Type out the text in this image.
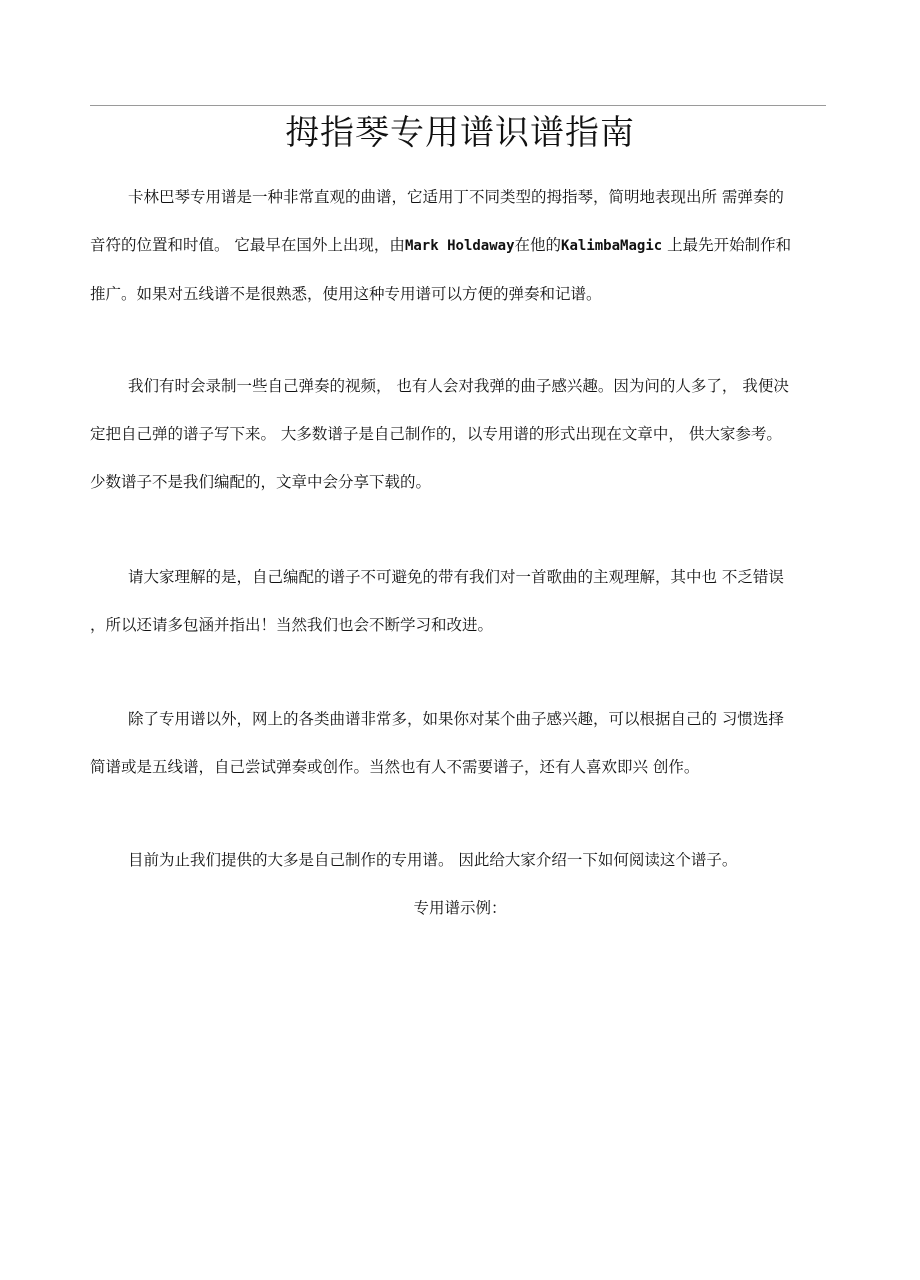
拇指琴专用谱识谱指南

卡林巴琴专用谱是一种非常直观的曲谱，它适用丁不同类型的拇指琴，简明地表现出所 需弹奏的
音符的位置和时值。 它最早在国外上出现，由Mark Holdaway在他的KalimbaMagic 上最先开始制作和
推广。如果对五线谱不是很熟悉，使用这种专用谱可以方便的弹奏和记谱。

我们有时会录制一些自己弹奏的视频， 也有人会对我弹的曲子感兴趣。因为问的人多了， 我便决
定把自己弹的谱子写下来。 大多数谱子是自己制作的，以专用谱的形式出现在文章中， 供大家参考。
少数谱子不是我们编配的，文章中会分享下载的。

请大家理解的是，自己编配的谱子不可避免的带有我们对一首歌曲的主观理解，其中也 不乏错误
，所以还请多包涵并指出！当然我们也会不断学习和改进。

除了专用谱以外，网上的各类曲谱非常多，如果你对某个曲子感兴趣，可以根据自己的 习惯选择
简谱或是五线谱，自己尝试弹奏或创作。当然也有人不需要谱子，还有人喜欢即兴 创作。

目前为止我们提供的大多是自己制作的专用谱。 因此给大家介绍一下如何阅读这个谱子。

专用谱示例：
